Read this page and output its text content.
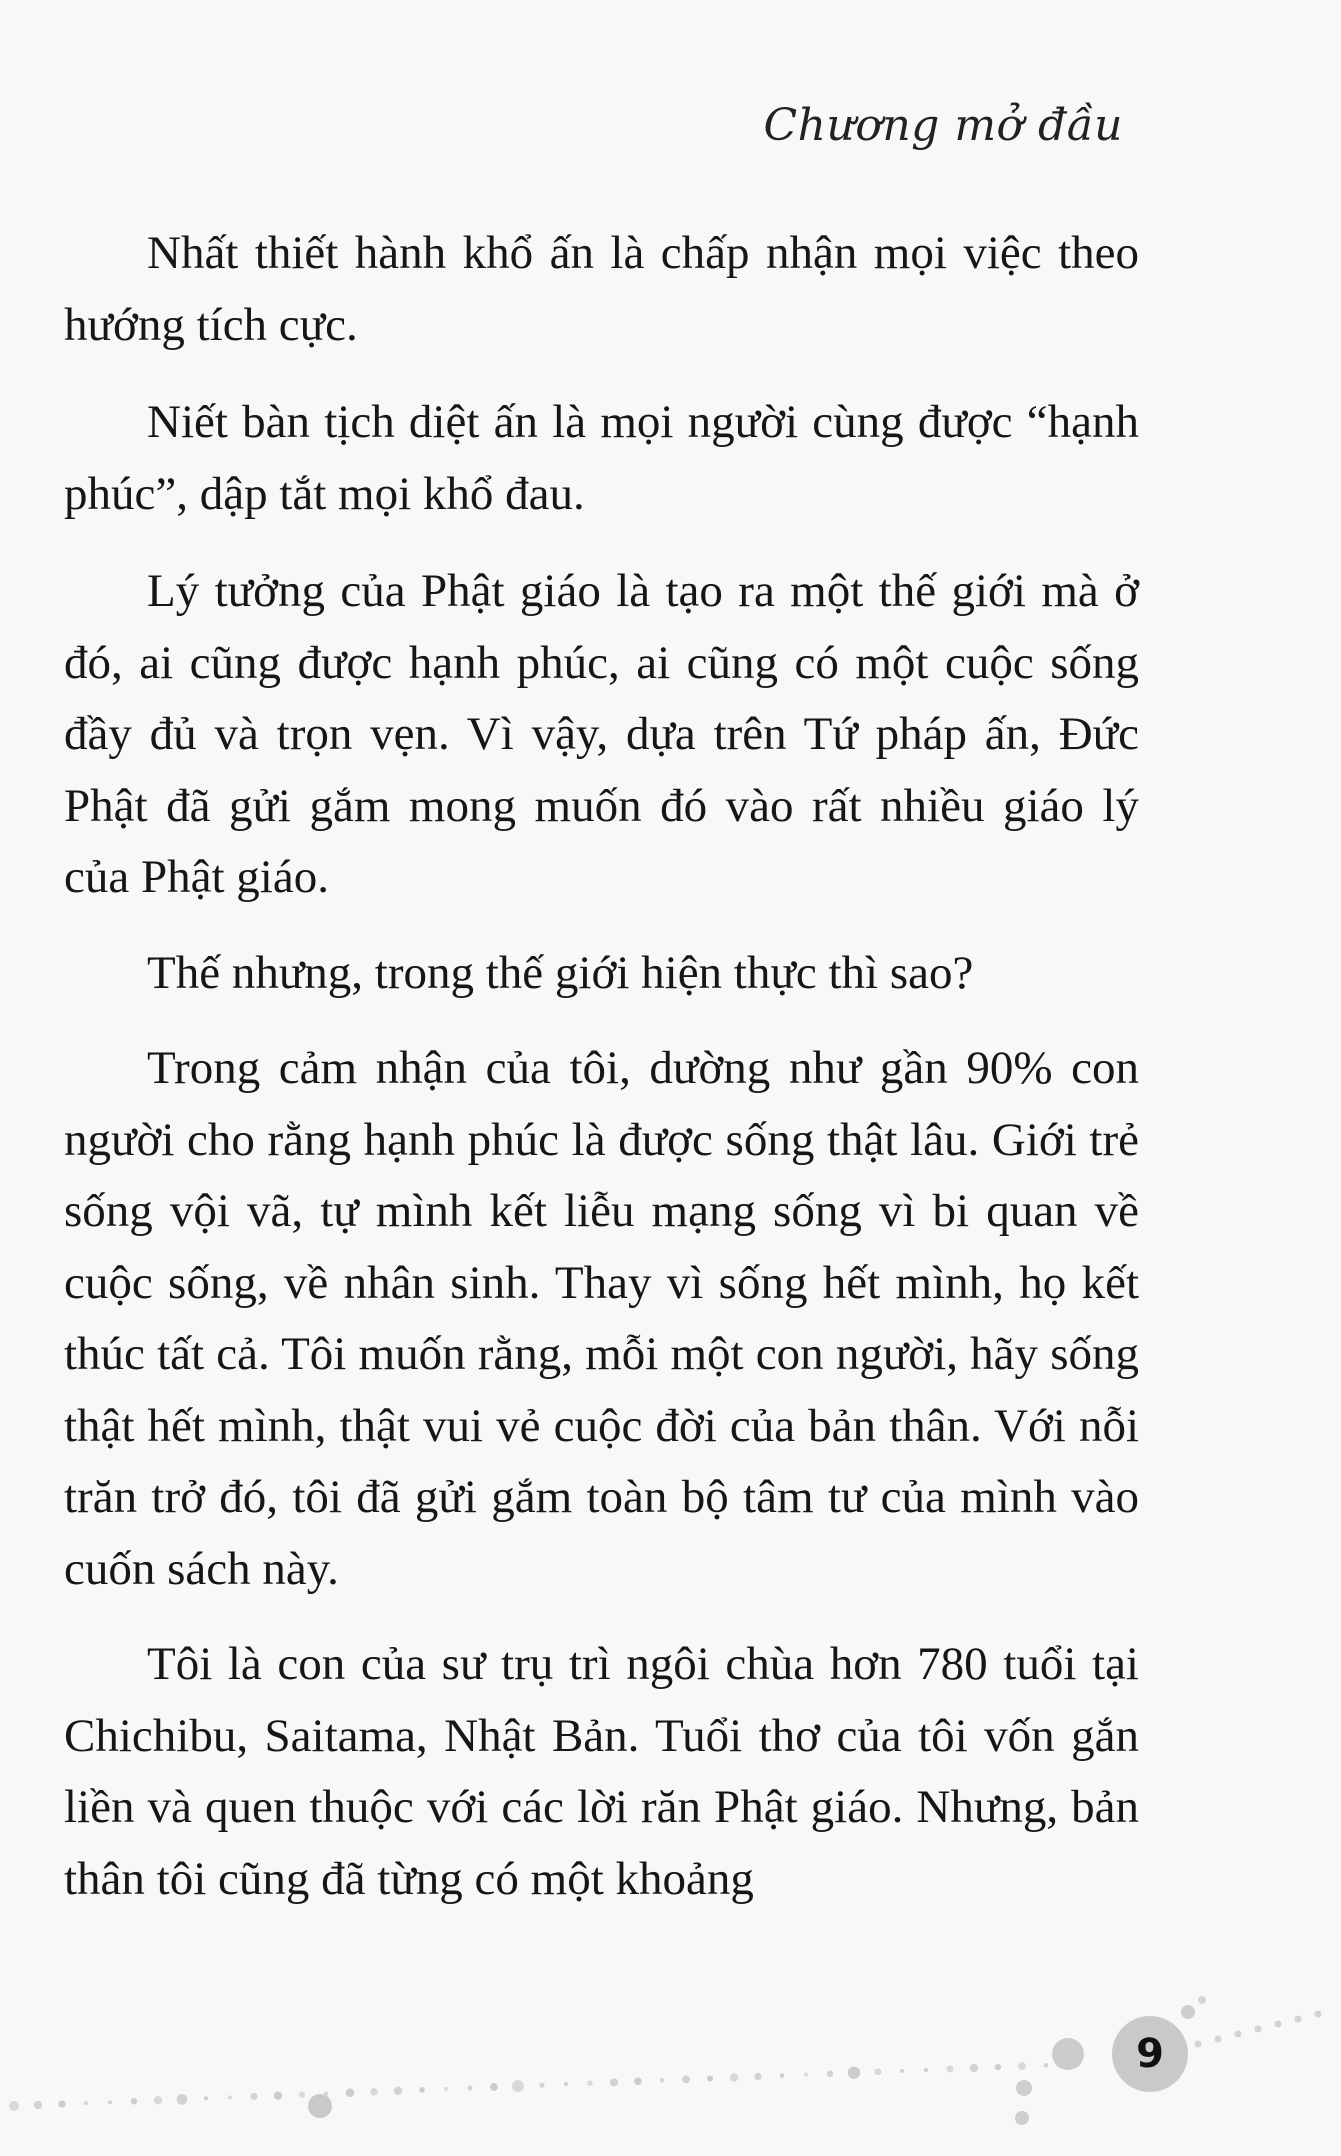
Chương mở đầu

Nhất thiết hành khổ ấn là chấp nhận mọi việc theo hướng tích cực.

Niết bàn tịch diệt ấn là mọi người cùng được “hạnh phúc”, dập tắt mọi khổ đau.

Lý tưởng của Phật giáo là tạo ra một thế giới mà ở đó, ai cũng được hạnh phúc, ai cũng có một cuộc sống đầy đủ và trọn vẹn. Vì vậy, dựa trên Tứ pháp ấn, Đức Phật đã gửi gắm mong muốn đó vào rất nhiều giáo lý của Phật giáo.

Thế nhưng, trong thế giới hiện thực thì sao?

Trong cảm nhận của tôi, dường như gần 90% con người cho rằng hạnh phúc là được sống thật lâu. Giới trẻ sống vội vã, tự mình kết liễu mạng sống vì bi quan về cuộc sống, về nhân sinh. Thay vì sống hết mình, họ kết thúc tất cả. Tôi muốn rằng, mỗi một con người, hãy sống thật hết mình, thật vui vẻ cuộc đời của bản thân. Với nỗi trăn trở đó, tôi đã gửi gắm toàn bộ tâm tư của mình vào cuốn sách này.

Tôi là con của sư trụ trì ngôi chùa hơn 780 tuổi tại Chichibu, Saitama, Nhật Bản. Tuổi thơ của tôi vốn gắn liền và quen thuộc với các lời răn Phật giáo. Nhưng, bản thân tôi cũng đã từng có một khoảng

9
